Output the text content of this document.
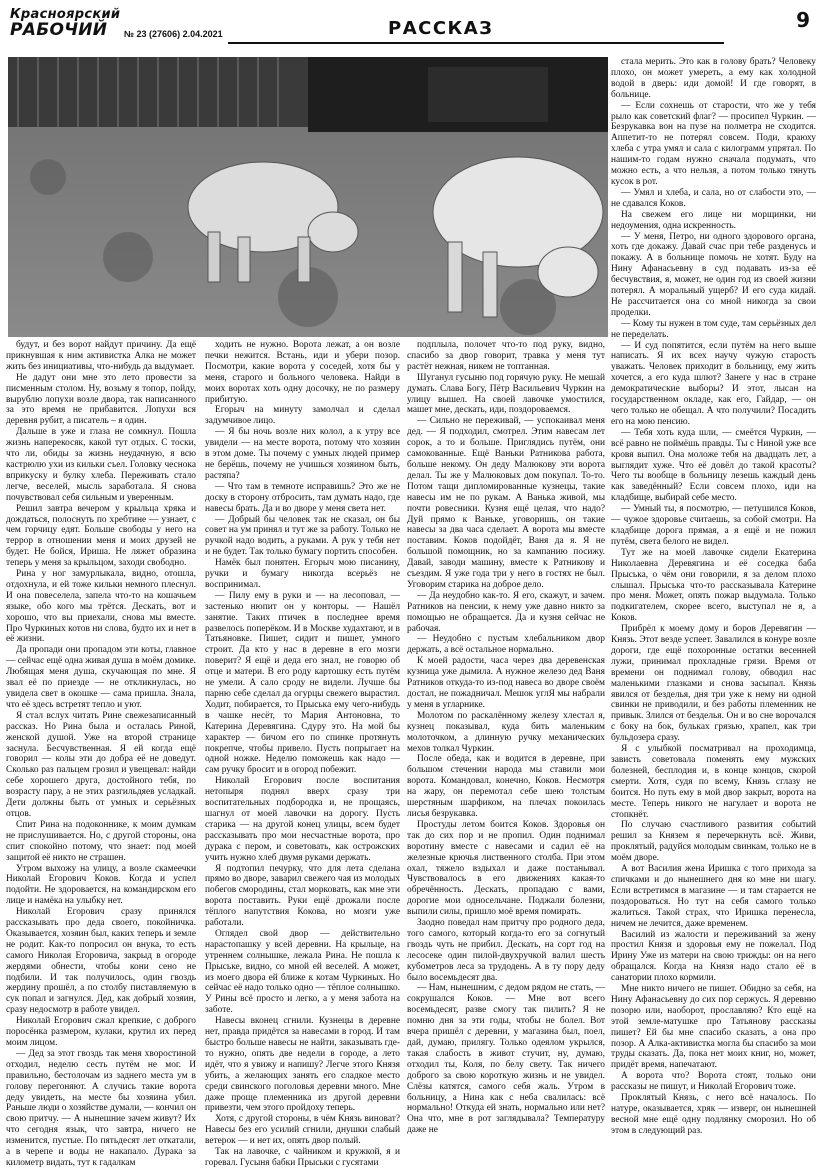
Красноярский
РАБОЧИЙ № 23 (27606) 2.04.2021	РАССКАЗ	9

будут, и без ворот найдут причину. Да ещё прикнувшая к ним активистка Алка не может жить без инициативы, что-нибудь да выдумает.

Не дадут они мне это лето провести за писменным столом. Ну, возьму я топор, пойду, вырублю лопухи возле двора, так написанного за это время не прибавится. Лопухи вся деревня рубит, а писатель – я один.

Дальше в уже и глаза не сомкнул. Пошла жизнь наперекосяк, какой тут отдых. С тоски, что ли, обиды за жизнь неудачную, я всю кастрюлю ухи из кильки съел. Головку чеснока вприкуску и булку хлеба. Переживать стало легче, веселей, мысль заработала. Я снова почувствовал себя сильным и уверенным.

Решил завтра вечером у крыльца хряка и дождаться, полоснуть по хребтине — узнает, с чем горчицу едят. Больше свободы у него на террор в отношении меня и моих друзей не будет. Не бойся, Ириша. Не ляжет образина теперь у меня за крыльцом, заходи свободно.

Рина у ног замурлыкала, видно, отошла, отдохнула, и ей тоже кильки немного плеснул. И она повеселела, запела что-то на кошачьем языке, обо кого мы трётся. Дескать, вот и хорошо, что вы приехали, снова мы вместе. Про Чуркиных котов ни слова, будто их и нет в её жизни.

Да пропади они пропадом эти коты, главное — сейчас ещё одна живая душа в моём домике. Любящая меня душа, скучающая по мне. Я звал её по приезде — не откликнулась, но увидела свет в окошке — сама пришла. Знала, что её здесь встретят тепло и уют.

Я стал вслух читать Рине свежезаписанный рассказ. Но Рина была и осталась Риной, женской душой. Уже на второй странице заснула. Бесчувственная. Я ей когда ещё говорил — колы эти до добра её не доведут. Сколько раз пальцем грозил и увещевал: найди себе хорошего друга, достойного тебя, по возрасту пару, а не этих разгильдяев усладкай. Дети должны быть от умных и серьёзных отцов.

Спит Рина на подоконнике, к моим думкам не прислушивается. Но, с другой стороны, она спит спокойно потому, что знает: под моей защитой её никто не страшен.

Утром выхожу на улицу, а возле скамеечки Николай Егорович Коков. Когда и успел подойти. Не здоровается, на командирском его лице и намёка на улыбку нет.

Николай Егорович сразу принялся рассказывать про деда своего, покойничка. Оказывается, хозяин был, каких теперь и земле не родит. Как-то попросил он внука, то есть самого Николая Егоровича, закрыд в огороде жердями обнести, чтобы кони сено не подбили. И так получилось, один гвоздь жердину прошёл, а по столбу пиставляемую в сук попал и загнулся. Дед, как добрый хозяин, сразу недосмотр в работе увидел.

Николай Егорович сжал крепкие, с доброго поросёнка размером, кулаки, крутил их перед моим лицом.

— Дед за этот гвоздь так меня хворостиной отходил, неделю сесть путём не мог. И правильно, бестолочам из заднего места ум в голову перегоняют. А случись такие ворота деду увидеть, на месте бы хозяина убил. Раньше люди о хозяйстве думали, — кончил он свою притчу. — А нынешние зачем живут? Их что сегодня язык, что завтра, ничего не изменится, пустые. По пятьдесят лет откатали, а в черепе и воды не накапало. Дурака за километр видать, тут к гадалкам

ходить не нужно. Ворота лежат, а он возле печки нежится. Встань, иди и убери позор. Посмотри, какие ворота у соседей, хотя бы у меня, старого и больного человека. Найди в моих воротах хоть одну досочку, не по размеру прибитую.

Егорыч на минуту замолчал и сделал задумчивое лицо.

— Я бы ночь возле них колол, а к утру все увидели — на месте ворота, потому что хозяин в этом доме. Ты почему с умных людей пример не берёшь, почему не учишься хозяином быть, растяпа?

— Что там в темноте исправишь? Это же не доску в сторону отбросить, там думать надо, где навесы брать. Да и во дворе у меня света нет.

— Добрый бы человек так не сказал, он бы совет на ум принял и тут же за работу. Только не ручкой надо водить, а руками. А рук у тебя нет и не будет. Так только бумагу портить способен.

Намёк был понятен. Егорыч мою писанину, ручки и бумагу никогда всерьёз не воспринимал.

— Пилу ему в руки и — на лесоповал, — застенько нюпит он у конторы. — Нашёл занятие. Таких птичек в последнее время развелось поперёком. И в Москве худахтают, и в Татьяновке. Пишет, сидит и пишет, умного строит. Да кто у нас в деревне в его мозги поверит? Я ещё и деда его знал, не говорю об отце и матери. В его роду картошку есть путём не умели. А сало сроду не видели. Лучше бы парню себе сделал да огурцы свежего вырастил. Ходит, побирается, то Прыська ему чего-нибудь в чашке несёт, то Мария Антоновна, то Катерина Деревягина. Сдуру это. На мой бы характер — бичом его по спинке протянуть покрепче, чтобы привело. Пусть попрыгает на одной ножке. Неделю поможешь как надо — сам ручку бросит и в огород побежит.

Николай Егорович после воспитания нетопыря поднял вверх сразу три воспитательных подбородка и, не прощаясь, шагнул от моей лавочки на дорогу. Пусть старика — на другой конец улицы, всем будет рассказывать про мои несчастные ворота, про дурака с пером, и советовать, как острожских учить нужно хлеб двумя руками держать.

Я подтопил печурку, что для лета сделана прямо во дворе, заварил свежего чая из молодых побегов смородины, стал морковать, как мне эти ворота поставить. Руки ещё дрожали после тёплого напутствия Кокова, но мозги уже работали.

Оглядел свой двор — действительно нарастопашку у всей деревни. На крыльце, на утреннем солнышке, лежала Рина. Не пошла к Прыське, видно, со мной ей веселей. А может, из моего двора ей ближе к котам Чуркиных. Но сейчас её надо только одно — тёплое солнышко. У Рины всё просто и легко, а у меня забота на заботе.

Навесы вконец сгнили. Кузнецы в деревне нет, правда придётся за навесами в город. И там быстро больше навесы не найти, заказывать где-то нужно, опять две недели в городе, а лето идёт, что я увижу и напишу? Легче этого Князя убить, а желающих занять его сладкое место среди свинского поголовья деревни много. Мне даже проще племенника из другой деревни привезти, чем этого пройдоху теперь.

Хотя, с другой стороны, в чём Князь виноват? Навесы без его усилий сгнили, днушки слабый ветерок — и нет их, опять двор полый.

Так на лавочке, с чайником и кружкой, я и горевал. Гусыня бабки Прыськи с гусятами

подплыла, полочет что-то под руку, видно, спасибо за двор говорит, травка у меня тут растёт нежная, никем не топтанная.

Шуганул гусыню под горячую руку. Не мешай думать. Слава Богу, Пётр Васильевич Чуркин на улицу вышел. На своей лавочке умостился, машет мне, дескать, иди, поздороваемся.

— Сильно не переживай, — успокаивал меня дед. — Я подходил, смотрел. Этим навесам лет сорок, а то и больше. Приглядись путём, они самокованные. Ещё Ваньки Ратникова работа, больше некому. Он деду Малюкову эти ворота делал. Ты же у Малюковых дом покупал. То-то. Потом тащи дипломированные кузнецы, такие навесы им не по рукам. А Ванька живой, мы почти ровесники. Кузня ещё целая, что надо? Дуй прямо к Ваньке, уговоришь, он такие навесы за два часа сделает. А ворота мы вместе поставим. Коков подойдёт, Ваня да я. Я не большой помощник, но за кампанию посижу. Давай, заводи машину, вместе к Ратникову и съездим. Я уже года три у него в гостях не был. Уговорим старика на доброе дело.

— Да неудобно как-то. Я его, скажут, и зачем. Ратников на пенсии, к нему уже давно никто за помощью не обращается. Да и кузня сейчас не рабочая.

— Неудобно с пустым хлебальником двор держать, а всё остальное нормально.

К моей радости, часа через два деревенская кузница уже дымила. А нужное железо дед Ваня Ратников откуда-то из-под навеса во дворе своём достал, не пожадничал. Мешок углЯ мы набрали у меня в угларнике.

Молотом по раскалённому железу хлестал я, кузнец показывал, куда бить маленьким молоточком, а длинную ручку механических мехов толкал Чуркин.

После обеда, как и водится в деревне, при большом стечении народа мы ставили мои ворота. Командовал, конечно, Коков. Несмотря на жару, он перемотал себе шею толстым шерстяным шарфиком, на плечах покоилась лисья безрукавка.

Простуды летом боится Коков. Здоровья он так до сих пор и не пропил. Один поднимал воротину вместе с навесами и садил её на железные крючья лиственного столба. При этом охал, тяжело вздыхал и даже постанывал. Чувствовалось в его движениях какая-то обречённость. Дескать, пропадаю с вами, дорогие мои односельчане. Поджали болезни, выпили силы, пришло моё время помирать.

Заодно поведал нам притчу про родного деда, того самого, который когда-то его за согнутый гвоздь чуть не прибил. Дескать, на сорт год на лесосеке один пилой-двухручкой валил шесть кубометров леса за трудодень. А в ту пору деду было восемьдесят два.

— Нам, нынешним, с дедом рядом не стать, — сокрушался Коков. — Мне вот всего восемьдесят, разве смогу так пилить? Я не помню дня за эти годы, чтобы не болел. Вот вчера пришёл с деревни, у магазина был, поел, дай, думаю, прилягу. Только одеялом укрылся, такая слабость в живот стучит, ну, думаю, отходил ты, Коля, по белу свету. Так ничего доброго за свою короткую жизнь и не увидел. Слёзы катятся, самого себя жаль. Утром в больницу, а Нина как с неба свалилась: всё нормально! Откуда ей знать, нормально или нет? Она что, мне в рот заглядывала? Температуру даже не

стала мерить. Это как в голову брать? Человеку плохо, он может умереть, а ему как холодной водой в дверь: иди домой! И где говорят, в больнице.

— Если сохнешь от старости, что же у тебя рыло как советский флаг? — просипел Чуркин. — Безрукавка вон на пузе на полметра не сходится. Аппетит-то не потерял совсем. Поди, краюху хлеба с утра умял и сала с килограмм упрятал. По нашим-то годам нужно сначала подумать, что можно есть, а что нельзя, а потом только тянуть кусок в рот.

— Умял и хлеба, и сала, но от слабости это, — не сдавался Коков.

На свежем его лице ни морщинки, ни недоумения, одна искренность.

— У меня, Петро, ни одного здорового органа, хоть где докажу. Давай счас при тебе разденусь и покажу. А в больнице помочь не хотят. Буду на Нину Афанасьевну в суд подавать из-за её бесчувствия, я, может, не один год из своей жизни потерял. А моральный ущерб? И его суда кидай. Не рассчитается она со мной никогда за свои проделки.

— Кому ты нужен в том суде, там серьёзных дел не переделать.

— И суд попятится, если путём на него выше написать. Я их всех научу чужую старость уважать. Человек приходит в больницу, ему жить хочется, а его куда шлют? Занеге у нас в стране демократические выборы? И этот, лысан на государственном окладе, как его, Гайдар, — он чего только не обещал. А что получили? Посадить его на мою пенсию.

— Тебя хоть куда шли, — смеётся Чуркин, — всё равно не поймёшь правды. Ты с Ниной уже все кровя выпил. Она моложе тебя на двадцать лет, а выглядит хуже. Что её довёл до такой красоты? Чего ты вообще в больницу лезешь каждый день как заведённый? Если совсем плохо, иди на кладбище, выбирай себе место.

— Умный ты, я посмотрю, — петушился Коков, — чужое здоровье считаешь, за собой смотри. На кладбище дорога прямая, а я ещё и не пожил путём, света белого не видел.

Тут же на моей лавочке сидели Екатерина Николаевна Деревягина и её соседка баба Прыська, о чём они говорили, я за делом плохо слышал. Прыська что-то рассказывала Катерине про меня. Может, опять пожар выдумала. Только подкигателем, скорее всего, выступал не я, а Коков.

Прибрёл к моему дому и боров Деревягин — Князь. Этот везде успеет. Завалился в конуре возле дороги, где ещё похоронные остатки весенней лужи, принимал прохладные грязи. Время от времени он поднимал голову, обводил нас маленькими глазками и снова засыпал. Князь явился от безделья, дня три уже к нему ни одной свинки не приводили, и без работы племенник не привык. Злился от безделья. Он и во сне ворочался с боку на бок, бульках грязью, храпел, как три бульдозера сразу.

Я с улыбкой посматривал на проходимца, зависть советовала поменять ему мужских болезней, бесплодия и, в конце концов, скорой смерти. Хотя, судя по всему, Князь сглазу не боится. Но путь ему в мой двор закрыт, ворота на месте. Теперь никого не нагулает и ворота не стопкнёт.

По случаю счастливого развития событий решил за Князем я перечеркнуть всё. Живи, проклятый, радуйся молодым свинкам, только не в моём дворе.

А вот Василия жена Иришка с того прихода за спичками и до нынешнего дня ко мне ни шагу. Если встретимся в магазине — и там старается не поздороваться. Но тут на себя самого только жалиться. Такой страх, что Иришка перенесла, ничем не лечится, даже временем.

Василий из жалости и переживаний за жену простил Князя и здоровья ему не пожелал. Под Ирину Уже из матери на свою трижды: он на него обращался. Когда на Князя надо стало её в санатории плохо кормили.

Мне никто ничего не пишет. Обидно за себя, на Нину Афанасьевну до сих пор сержусь. Я деревню позорю или, наоборот, прославляю? Кто ещё на этой земле-матушке про Татьянову рассказы пишет? Ей бы мне спасибо сказать, а она про позор. А Алка-активистка могла бы спасибо за мои труды сказать. Да, пока нет моих книг, но, может, придёт время, напечатают.

А ворота что? Ворота стоят, только они рассказы не пишут, и Николай Егорович тоже.

Проклятый Князь, с него всё началось. По натуре, оказывается, хряк — изверг, он нынешней весной мне ещё одну подлянку сморозил. Но об этом в следующий раз.
